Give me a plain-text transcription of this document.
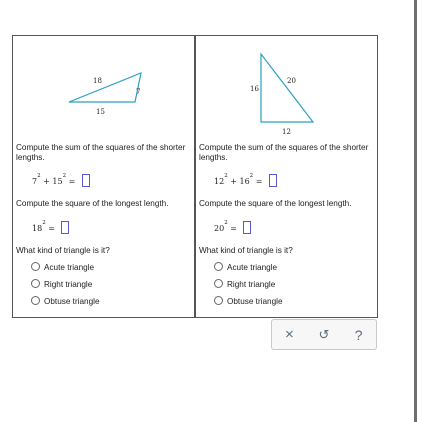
18
7
15
Compute the sum of the squares of the shorter lengths.
$7^2 + 15^2$ =
Compute the square of the longest length.
$18^2$ =
What kind of triangle is it?
Acute triangle
Right triangle
Obtuse triangle
16
20
12
Compute the sum of the squares of the shorter lengths.
$12^2 + 16^2$ =
Compute the square of the longest length.
$20^2$ =
What kind of triangle is it?
Acute triangle
Right triangle
Obtuse triangle
× ↺ ?
